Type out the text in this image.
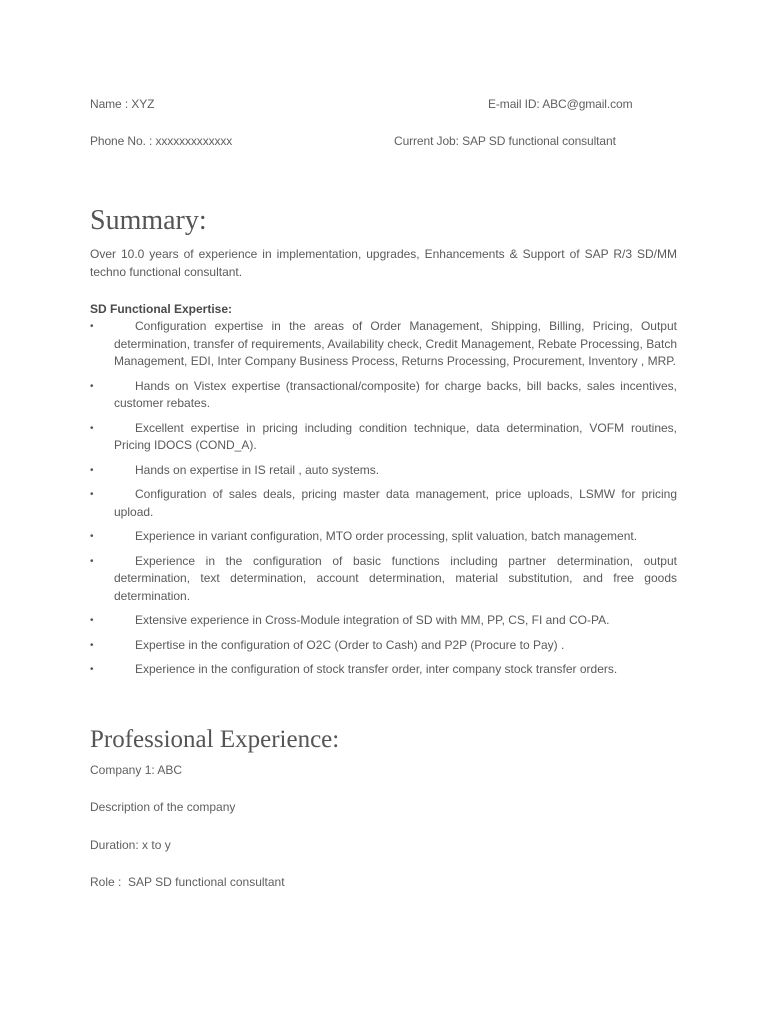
Name : XYZ	E-mail ID: ABC@gmail.com
Phone No. : xxxxxxxxxxxxx	Current Job: SAP SD functional consultant
Summary:

Over 10.0 years of experience in implementation, upgrades, Enhancements & Support of SAP R/3 SD/MM techno functional consultant.

SD Functional Expertise:
•	Configuration expertise in the areas of Order Management, Shipping, Billing, Pricing, Output determination, transfer of requirements, Availability check, Credit Management, Rebate Processing, Batch Management, EDI, Inter Company Business Process, Returns Processing, Procurement, Inventory , MRP.
•	Hands on Vistex expertise (transactional/composite) for charge backs, bill backs, sales incentives, customer rebates.
•	Excellent expertise in pricing including condition technique, data determination, VOFM routines, Pricing IDOCS (COND_A).
•	Hands on expertise in IS retail , auto systems.
•	Configuration of sales deals, pricing master data management, price uploads, LSMW for pricing upload.
•	Experience in variant configuration, MTO order processing, split valuation, batch management.
•	Experience in the configuration of basic functions including partner determination, output determination, text determination, account determination, material substitution, and free goods determination.
•	Extensive experience in Cross-Module integration of SD with MM, PP, CS, FI and CO-PA.
•	Expertise in the configuration of O2C (Order to Cash) and P2P (Procure to Pay) .
•	Experience in the configuration of stock transfer order, inter company stock transfer orders.
Professional Experience:
Company 1: ABC
Description of the company
Duration: x to y
Role :  SAP SD functional consultant
